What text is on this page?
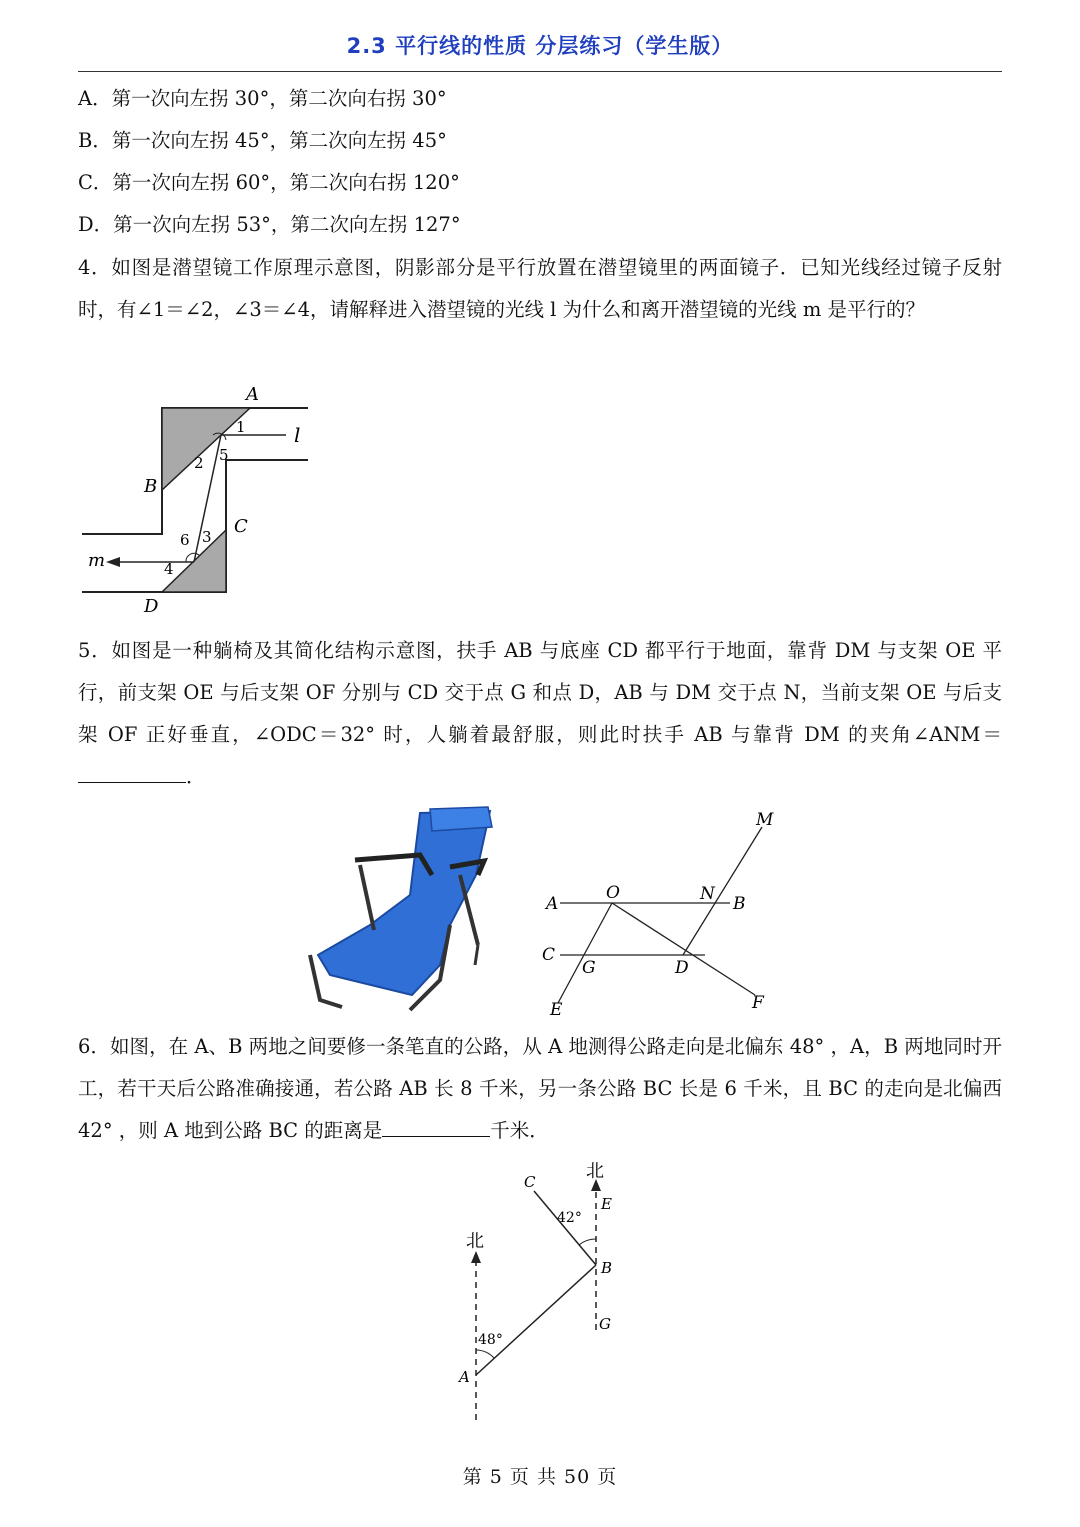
2.3 平行线的性质 分层练习（学生版）
A．第一次向左拐 30°，第二次向右拐 30°
B．第一次向左拐 45°，第二次向左拐 45°
C．第一次向左拐 60°，第二次向右拐 120°
D．第一次向左拐 53°，第二次向左拐 127°
4．如图是潜望镜工作原理示意图，阴影部分是平行放置在潜望镜里的两面镜子．已知光线经过镜子反射时，有∠1＝∠2，∠3＝∠4，请解释进入潜望镜的光线 l 为什么和离开潜望镜的光线 m 是平行的？
A
B
C
D
l
m
1
2 5
6 3
4
5．如图是一种躺椅及其简化结构示意图，扶手 AB 与底座 CD 都平行于地面，靠背 DM 与支架 OE 平行，前支架 OE 与后支架 OF 分别与 CD 交于点 G 和点 D，AB 与 DM 交于点 N，当前支架 OE 与后支架 OF 正好垂直，∠ODC＝32° 时，人躺着最舒服，则此时扶手 AB 与靠背 DM 的夹角∠ANM＝．
M
A
O	N B
C
G	D
E	F
6．如图，在 A、B 两地之间要修一条笔直的公路，从 A 地测得公路走向是北偏东 48° ，A，B 两地同时开工，若干天后公路准确接通，若公路 AB 长 8 千米，另一条公路 BC 长是 6 千米，且 BC 的走向是北偏西 42° ，则 A 地到公路 BC 的距离是	千米．
北
北
C
E
B
G
A
42°
48°
第 5 页 共 50 页
